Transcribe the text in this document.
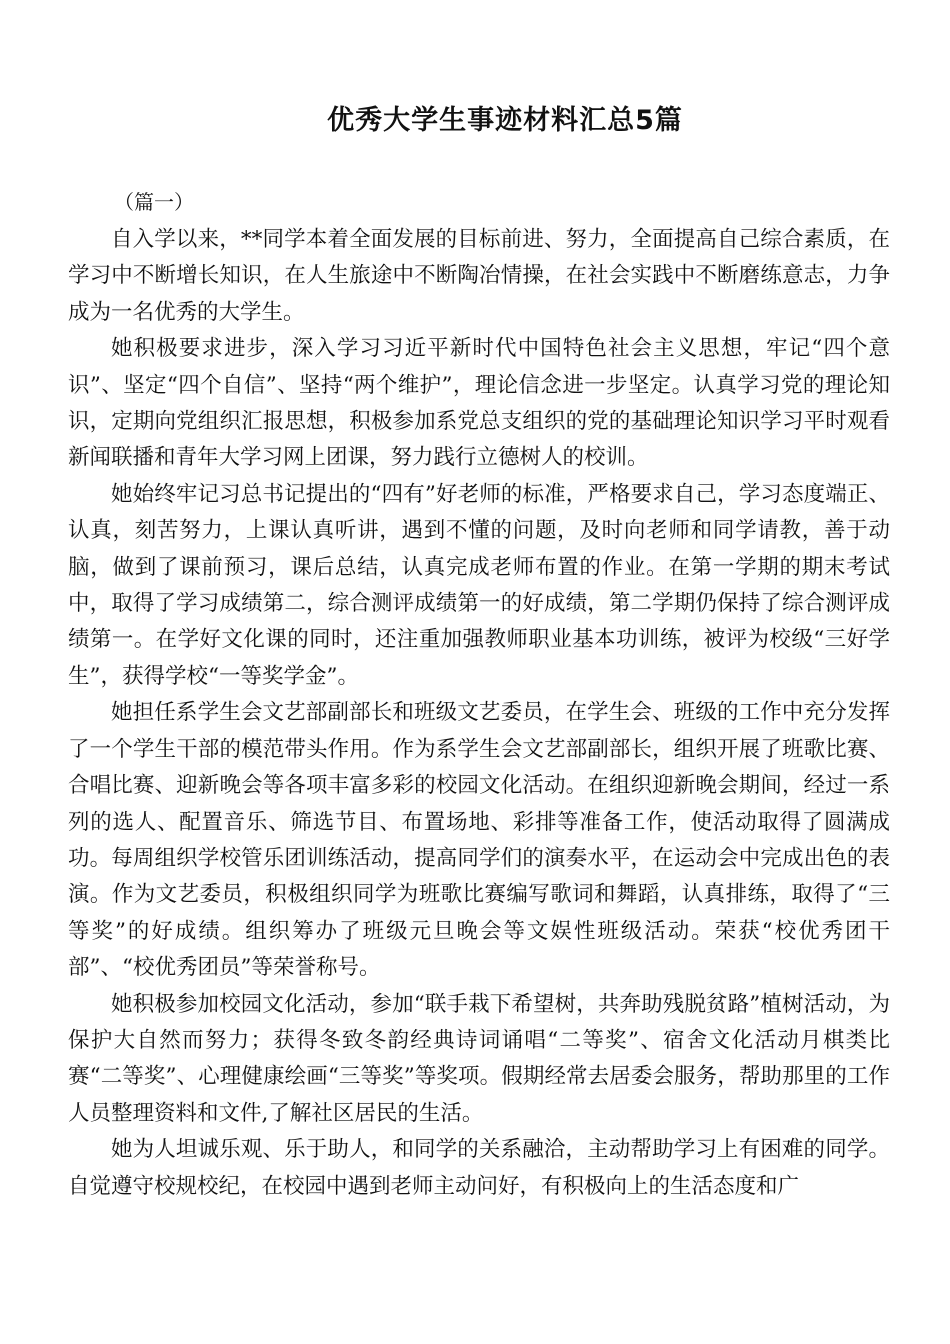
优秀大学生事迹材料汇总5篇
（篇一）

自入学以来，**同学本着全面发展的目标前进、努力，全面提高自己综合素质，在学习中不断增长知识，在人生旅途中不断陶冶情操，在社会实践中不断磨练意志，力争成为一名优秀的大学生。

她积极要求进步，深入学习习近平新时代中国特色社会主义思想，牢记“四个意识”、坚定“四个自信”、坚持“两个维护”，理论信念进一步坚定。认真学习党的理论知识，定期向党组织汇报思想，积极参加系党总支组织的党的基础理论知识学习平时观看新闻联播和青年大学习网上团课，努力践行立德树人的校训。

她始终牢记习总书记提出的“四有”好老师的标准，严格要求自己，学习态度端正、认真，刻苦努力，上课认真听讲，遇到不懂的问题，及时向老师和同学请教，善于动脑，做到了课前预习，课后总结，认真完成老师布置的作业。在第一学期的期末考试中，取得了学习成绩第二，综合测评成绩第一的好成绩，第二学期仍保持了综合测评成绩第一。在学好文化课的同时，还注重加强教师职业基本功训练，被评为校级“三好学生”，获得学校“一等奖学金”。

她担任系学生会文艺部副部长和班级文艺委员，在学生会、班级的工作中充分发挥了一个学生干部的模范带头作用。作为系学生会文艺部副部长，组织开展了班歌比赛、合唱比赛、迎新晚会等各项丰富多彩的校园文化活动。在组织迎新晚会期间，经过一系列的选人、配置音乐、筛选节目、布置场地、彩排等准备工作，使活动取得了圆满成功。每周组织学校管乐团训练活动，提高同学们的演奏水平，在运动会中完成出色的表演。作为文艺委员，积极组织同学为班歌比赛编写歌词和舞蹈，认真排练，取得了“三等奖”的好成绩。组织筹办了班级元旦晚会等文娱性班级活动。荣获“校优秀团干部”、“校优秀团员”等荣誉称号。

她积极参加校园文化活动，参加“联手栽下希望树，共奔助残脱贫路”植树活动，为保护大自然而努力；获得冬致冬韵经典诗词诵唱“二等奖”、宿舍文化活动月棋类比赛“二等奖”、心理健康绘画“三等奖”等奖项。假期经常去居委会服务，帮助那里的工作人员整理资料和文件,了解社区居民的生活。

她为人坦诚乐观、乐于助人，和同学的关系融洽，主动帮助学习上有困难的同学。自觉遵守校规校纪，在校园中遇到老师主动问好，有积极向上的生活态度和广
